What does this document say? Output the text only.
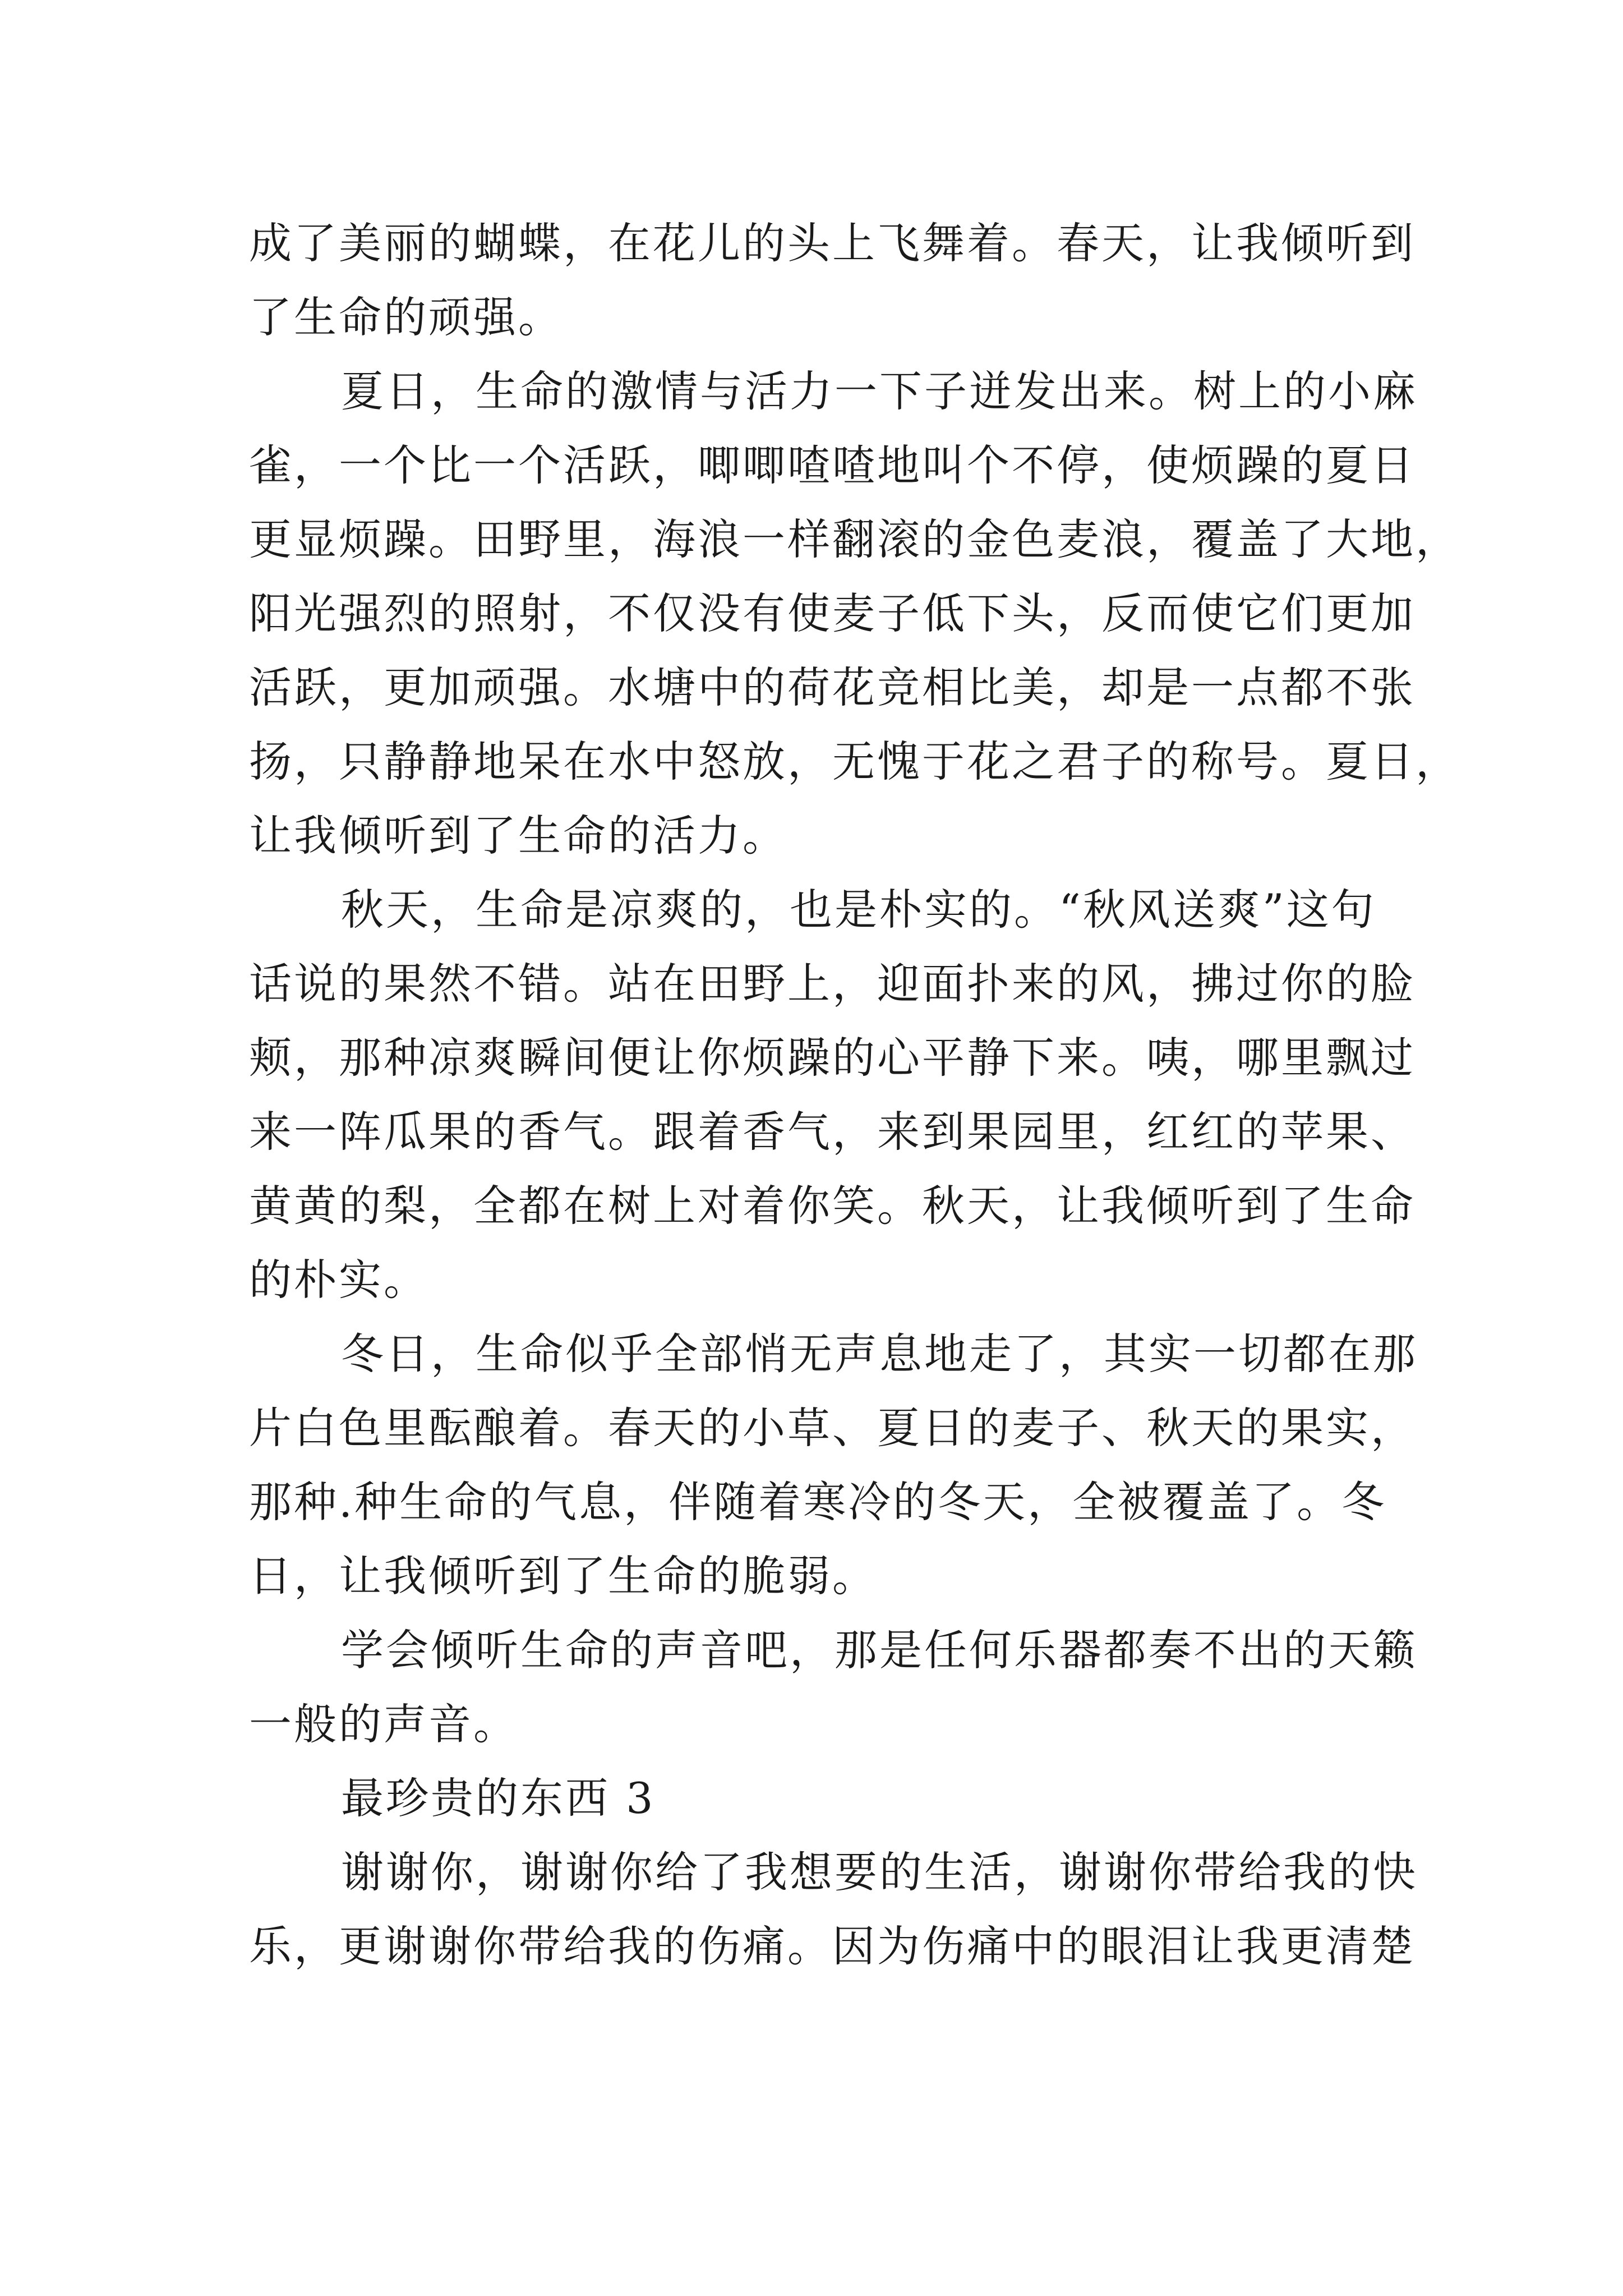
成了美丽的蝴蝶，在花儿的头上飞舞着。春天，让我倾听到
了生命的顽强。
夏日，生命的激情与活力一下子迸发出来。树上的小麻
雀，一个比一个活跃，唧唧喳喳地叫个不停，使烦躁的夏日
更显烦躁。田野里，海浪一样翻滚的金色麦浪，覆盖了大地，
阳光强烈的照射，不仅没有使麦子低下头，反而使它们更加
活跃，更加顽强。水塘中的荷花竞相比美，却是一点都不张
扬，只静静地呆在水中怒放，无愧于花之君子的称号。夏日，
让我倾听到了生命的活力。
秋天，生命是凉爽的，也是朴实的。“秋风送爽”这句
话说的果然不错。站在田野上，迎面扑来的风，拂过你的脸
颊，那种凉爽瞬间便让你烦躁的心平静下来。咦，哪里飘过
来一阵瓜果的香气。跟着香气，来到果园里，红红的苹果、
黄黄的梨，全都在树上对着你笑。秋天，让我倾听到了生命
的朴实。
冬日，生命似乎全部悄无声息地走了，其实一切都在那
片白色里酝酿着。春天的小草、夏日的麦子、秋天的果实，
那种.种生命的气息，伴随着寒冷的冬天，全被覆盖了。冬
日，让我倾听到了生命的脆弱。
学会倾听生命的声音吧，那是任何乐器都奏不出的天籁
一般的声音。
最珍贵的东西 3
谢谢你，谢谢你给了我想要的生活，谢谢你带给我的快
乐，更谢谢你带给我的伤痛。因为伤痛中的眼泪让我更清楚
